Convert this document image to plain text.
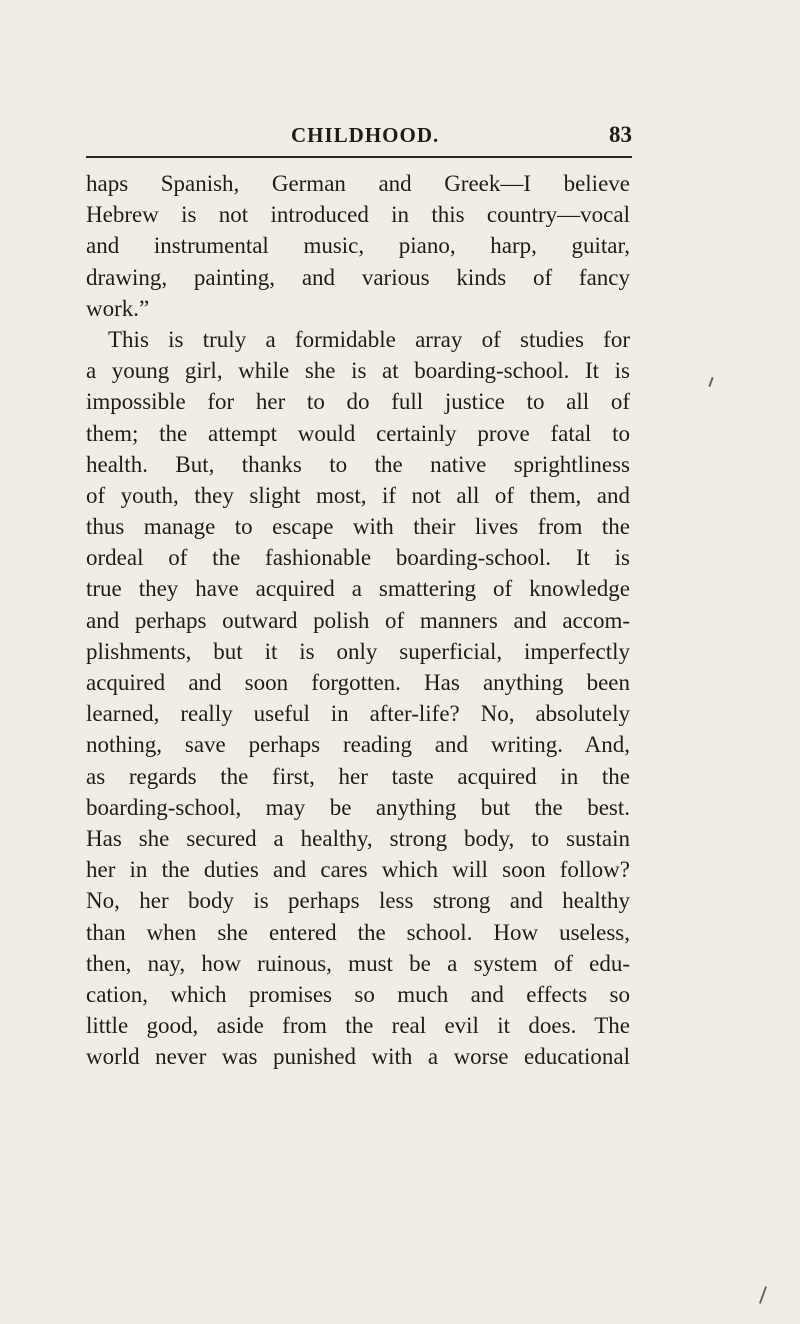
CHILDHOOD.	83
haps Spanish, German and Greek—I believe
Hebrew is not introduced in this country—vocal
and instrumental music, piano, harp, guitar,
drawing, painting, and various kinds of fancy
work.”
This is truly a formidable array of studies for
a young girl, while she is at boarding-school. It is
impossible for her to do full justice to all of
them; the attempt would certainly prove fatal to
health. But, thanks to the native sprightliness
of youth, they slight most, if not all of them, and
thus manage to escape with their lives from the
ordeal of the fashionable boarding-school. It is
true they have acquired a smattering of knowledge
and perhaps outward polish of manners and accom-
plishments, but it is only superficial, imperfectly
acquired and soon forgotten. Has anything been
learned, really useful in after-life? No, absolutely
nothing, save perhaps reading and writing. And,
as regards the first, her taste acquired in the
boarding-school, may be anything but the best.
Has she secured a healthy, strong body, to sustain
her in the duties and cares which will soon follow?
No, her body is perhaps less strong and healthy
than when she entered the school. How useless,
then, nay, how ruinous, must be a system of edu-
cation, which promises so much and effects so
little good, aside from the real evil it does. The
world never was punished with a worse educational
